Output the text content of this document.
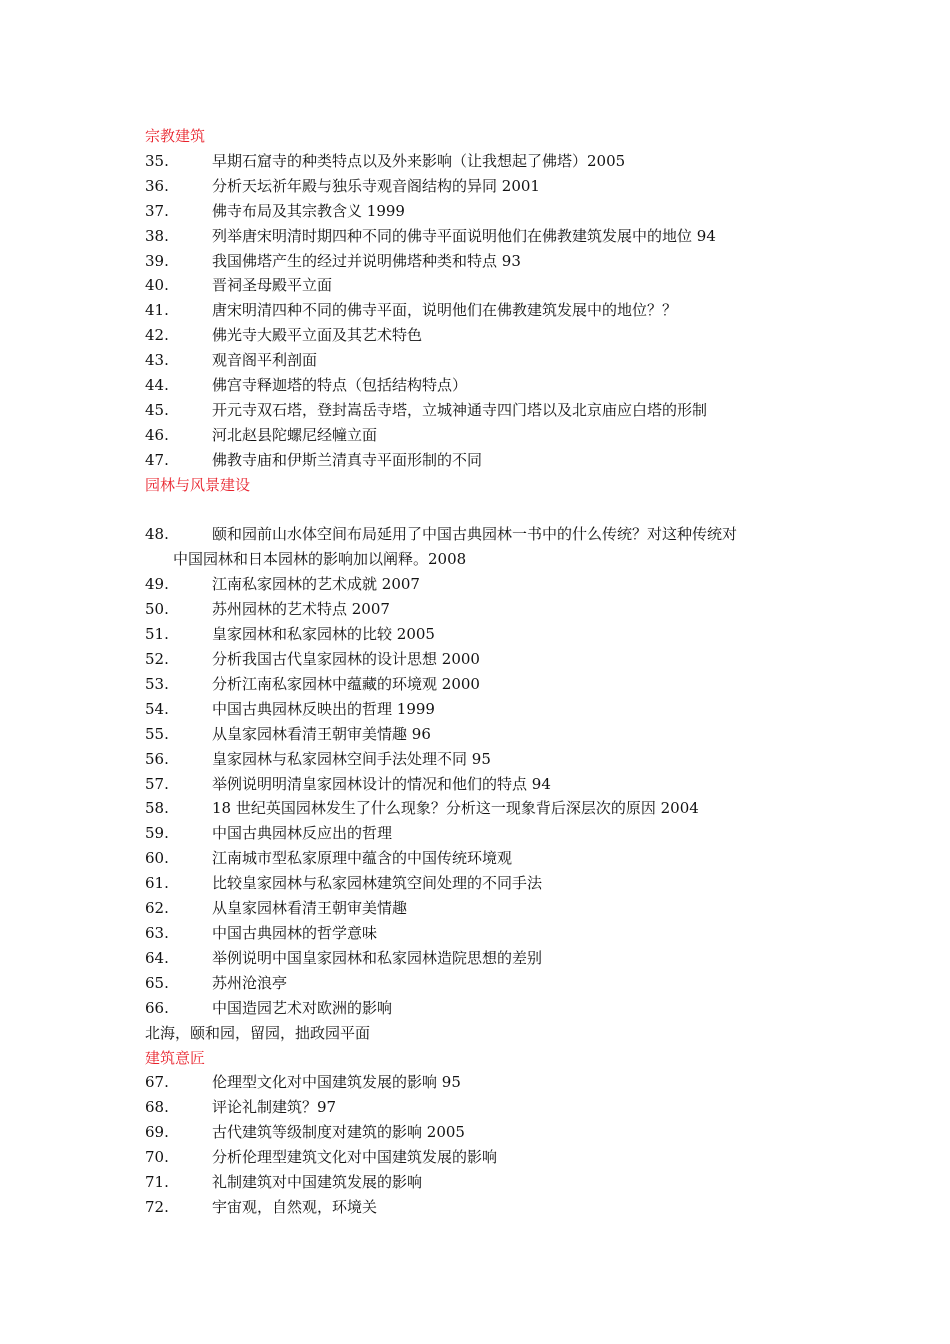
宗教建筑
35.	早期石窟寺的种类特点以及外来影响（让我想起了佛塔）2005
36.	分析天坛祈年殿与独乐寺观音阁结构的异同 2001
37.	佛寺布局及其宗教含义 1999
38.	列举唐宋明清时期四种不同的佛寺平面说明他们在佛教建筑发展中的地位 94
39.	我国佛塔产生的经过并说明佛塔种类和特点 93
40.	晋祠圣母殿平立面
41.	唐宋明清四种不同的佛寺平面，说明他们在佛教建筑发展中的地位？？
42.	佛光寺大殿平立面及其艺术特色
43.	观音阁平利剖面
44.	佛宫寺释迦塔的特点（包括结构特点）
45.	开元寺双石塔，登封嵩岳寺塔，立城神通寺四门塔以及北京庙应白塔的形制
46.	河北赵县陀螺尼经幢立面
47.	佛教寺庙和伊斯兰清真寺平面形制的不同
园林与风景建设
48.	颐和园前山水体空间布局延用了中国古典园林一书中的什么传统？对这种传统对
中国园林和日本园林的影响加以阐释。2008
49.	江南私家园林的艺术成就 2007
50.	苏州园林的艺术特点 2007
51.	皇家园林和私家园林的比较 2005
52.	分析我国古代皇家园林的设计思想 2000
53.	分析江南私家园林中蕴藏的环境观 2000
54.	中国古典园林反映出的哲理 1999
55.	从皇家园林看清王朝审美情趣 96
56.	皇家园林与私家园林空间手法处理不同 95
57.	举例说明明清皇家园林设计的情况和他们的特点 94
58.	18 世纪英国园林发生了什么现象？分析这一现象背后深层次的原因 2004
59.	中国古典园林反应出的哲理
60.	江南城市型私家原理中蕴含的中国传统环境观
61.	比较皇家园林与私家园林建筑空间处理的不同手法
62.	从皇家园林看清王朝审美情趣
63.	中国古典园林的哲学意味
64.	举例说明中国皇家园林和私家园林造院思想的差别
65.	苏州沧浪亭
66.	中国造园艺术对欧洲的影响
北海，颐和园，留园，拙政园平面
建筑意匠
67.	伦理型文化对中国建筑发展的影响 95
68.	评论礼制建筑？97
69.	古代建筑等级制度对建筑的影响 2005
70.	分析伦理型建筑文化对中国建筑发展的影响
71.	礼制建筑对中国建筑发展的影响
72.	宇宙观，自然观，环境关
